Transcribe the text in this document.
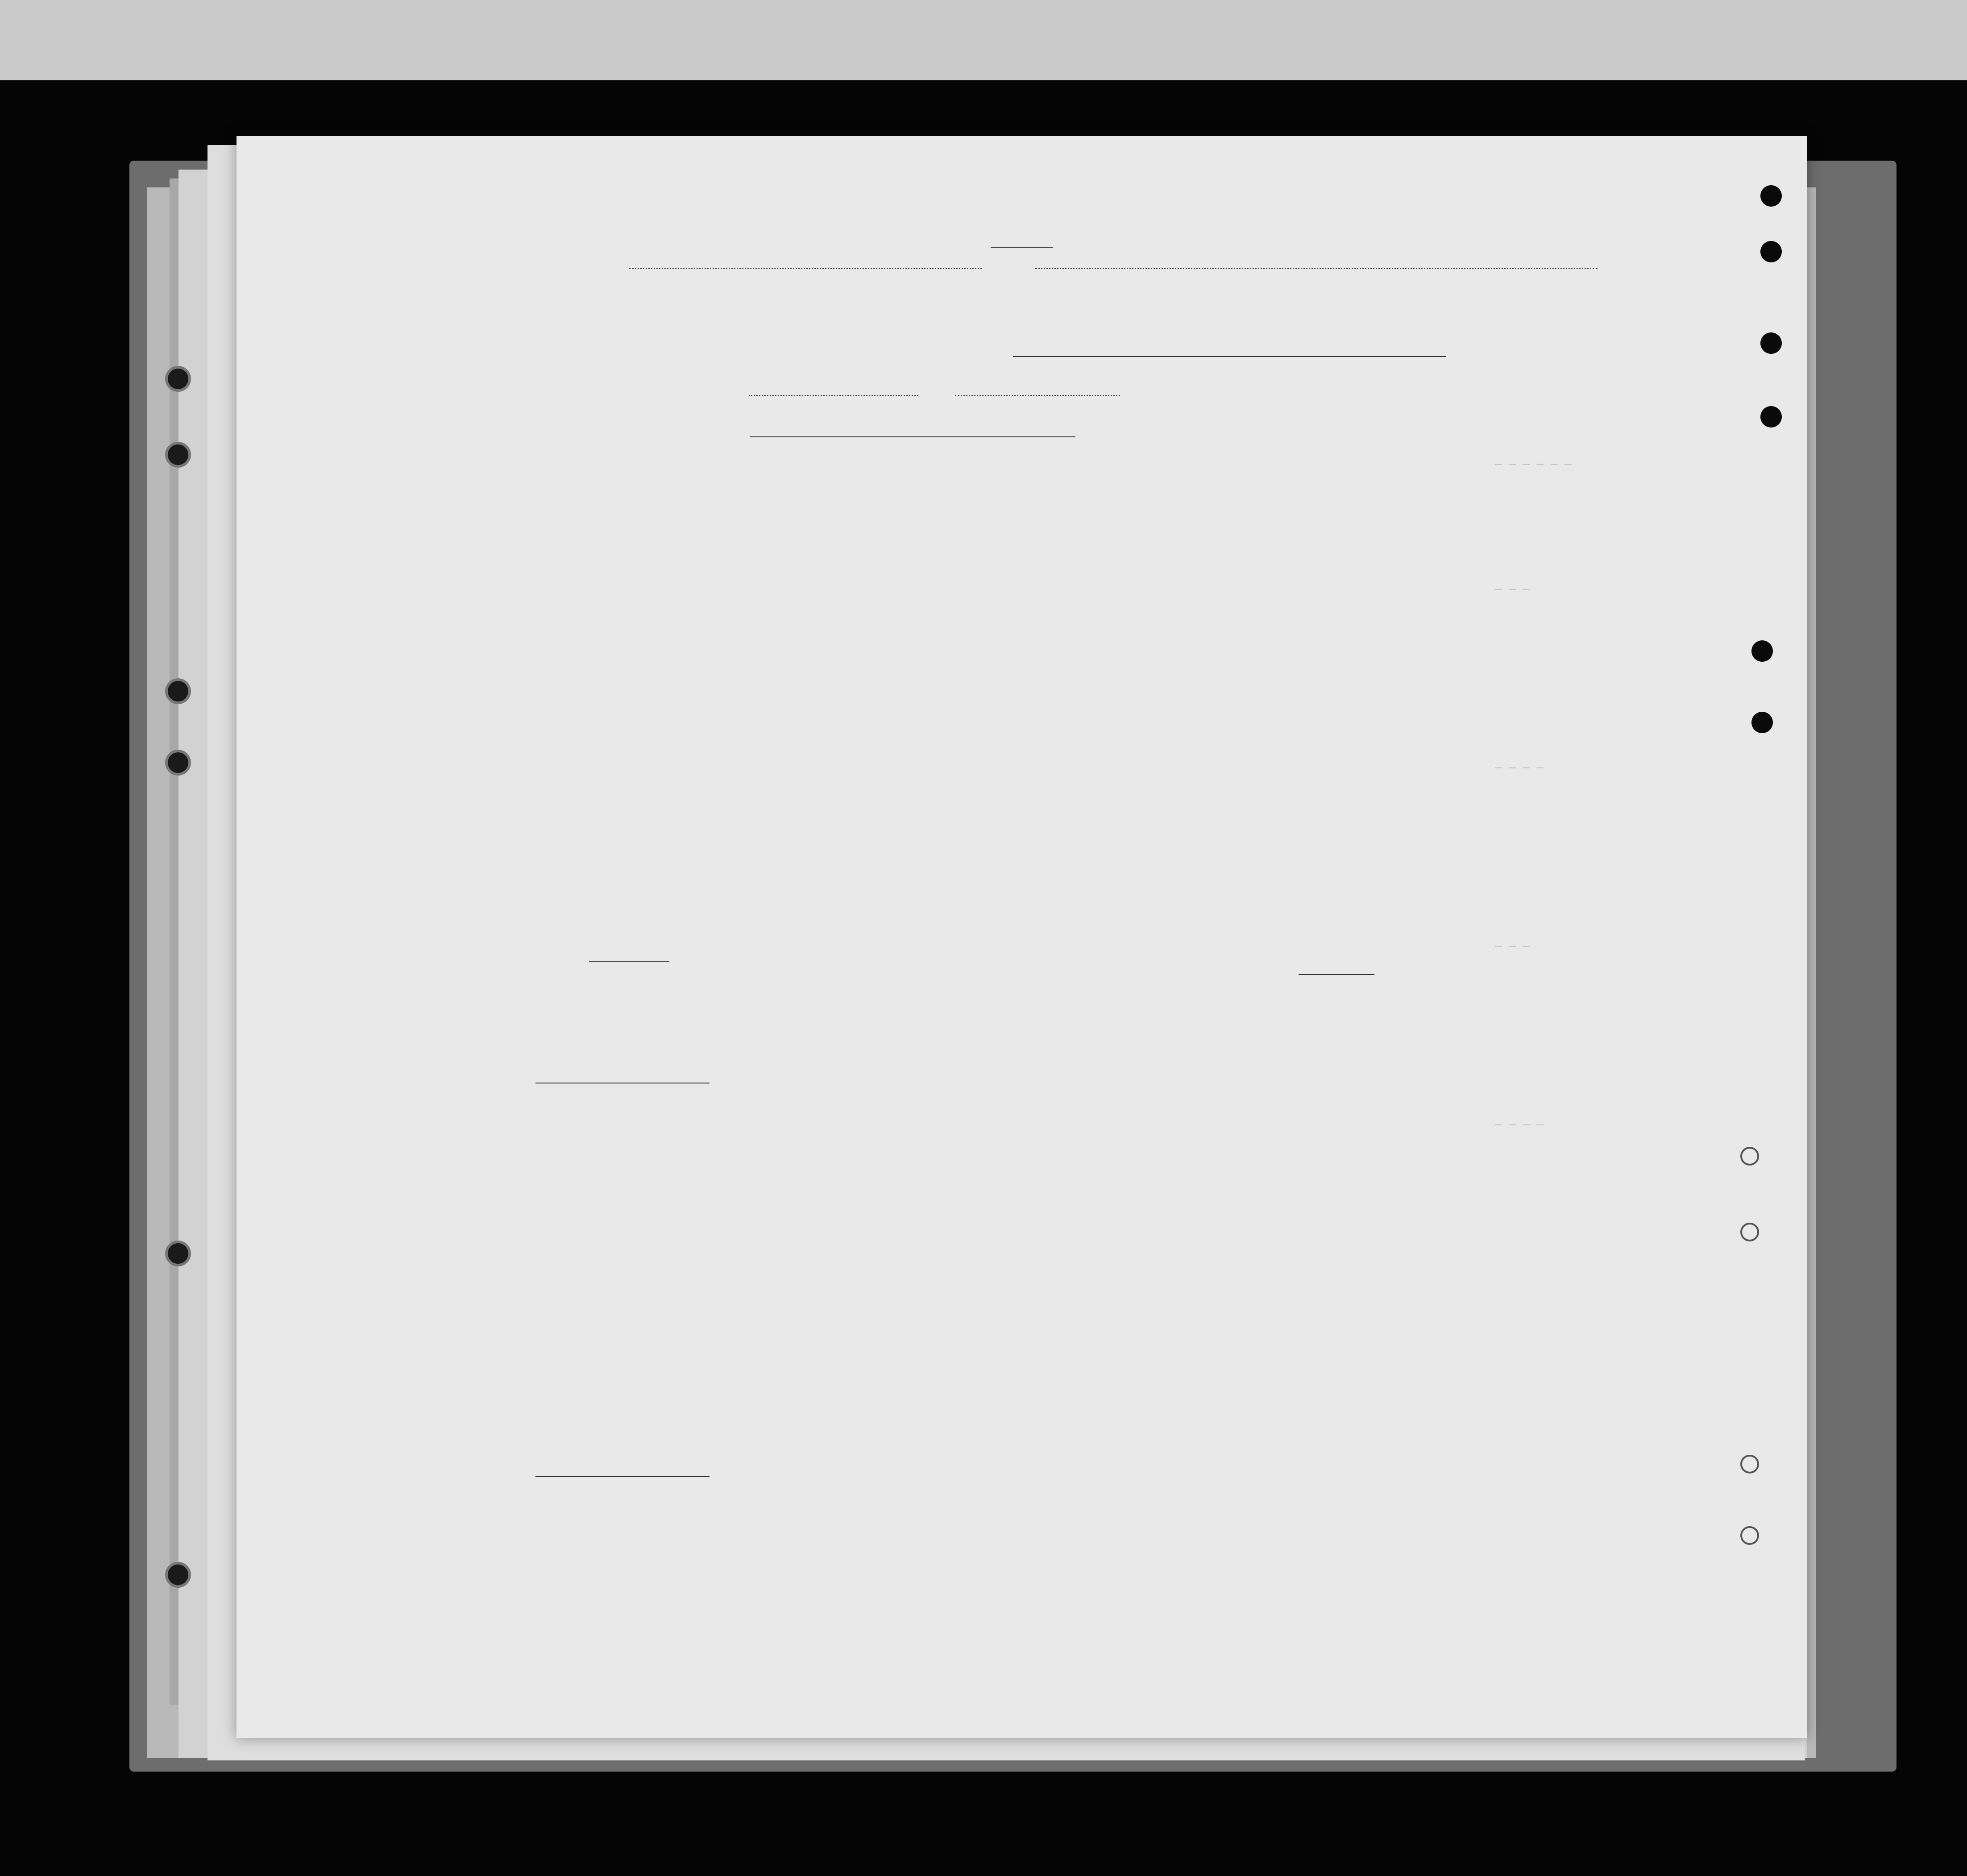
— — — — — —
— — —
— — — —
— — —
— — — —
